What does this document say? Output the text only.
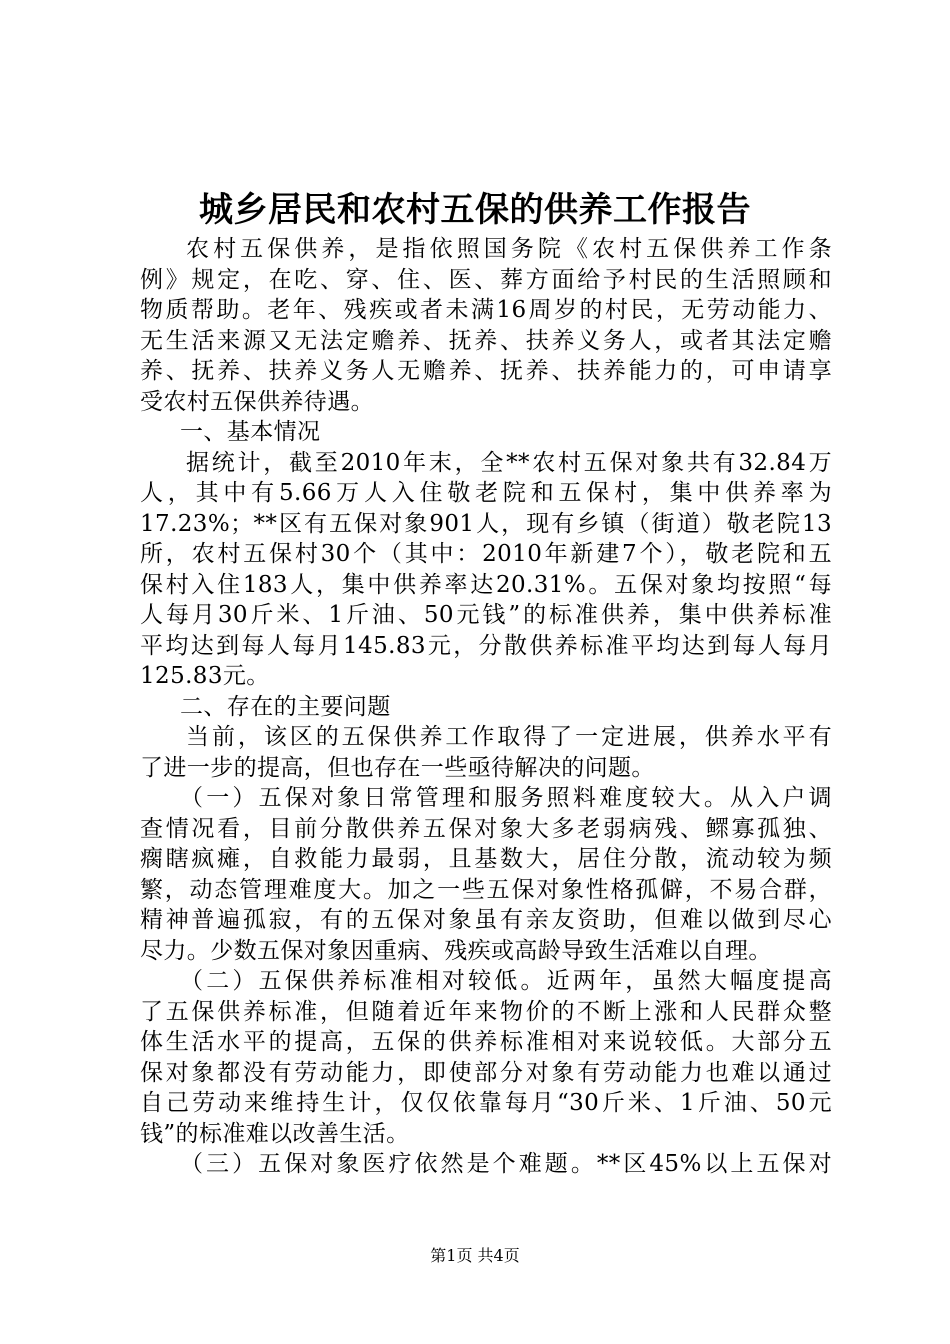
城乡居民和农村五保的供养工作报告
农村五保供养，是指依照国务院《农村五保供养工作条
例》规定，在吃、穿、住、医、葬方面给予村民的生活照顾和
物质帮助。老年、残疾或者未满16周岁的村民，无劳动能力、
无生活来源又无法定赡养、抚养、扶养义务人，或者其法定赡
养、抚养、扶养义务人无赡养、抚养、扶养能力的，可申请享
受农村五保供养待遇。
一、基本情况
据统计，截至2010年末，全**农村五保对象共有32.84万
人，其中有5.66万人入住敬老院和五保村，集中供养率为
17.23%；**区有五保对象901人，现有乡镇（街道）敬老院13
所，农村五保村30个（其中：2010年新建7个），敬老院和五
保村入住183人，集中供养率达20.31%。五保对象均按照“每
人每月30斤米、1斤油、50元钱”的标准供养，集中供养标准
平均达到每人每月145.83元，分散供养标准平均达到每人每月
125.83元。
二、存在的主要问题
当前，该区的五保供养工作取得了一定进展，供养水平有
了进一步的提高，但也存在一些亟待解决的问题。
（一）五保对象日常管理和服务照料难度较大。从入户调
查情况看，目前分散供养五保对象大多老弱病残、鳏寡孤独、
瘸瞎疯瘫，自救能力最弱，且基数大，居住分散，流动较为频
繁，动态管理难度大。加之一些五保对象性格孤僻，不易合群，
精神普遍孤寂，有的五保对象虽有亲友资助，但难以做到尽心
尽力。少数五保对象因重病、残疾或高龄导致生活难以自理。
（二）五保供养标准相对较低。近两年，虽然大幅度提高
了五保供养标准，但随着近年来物价的不断上涨和人民群众整
体生活水平的提高，五保的供养标准相对来说较低。大部分五
保对象都没有劳动能力，即使部分对象有劳动能力也难以通过
自己劳动来维持生计，仅仅依靠每月“30斤米、1斤油、50元
钱”的标准难以改善生活。
（三）五保对象医疗依然是个难题。**区45%以上五保对
第1页 共4页
